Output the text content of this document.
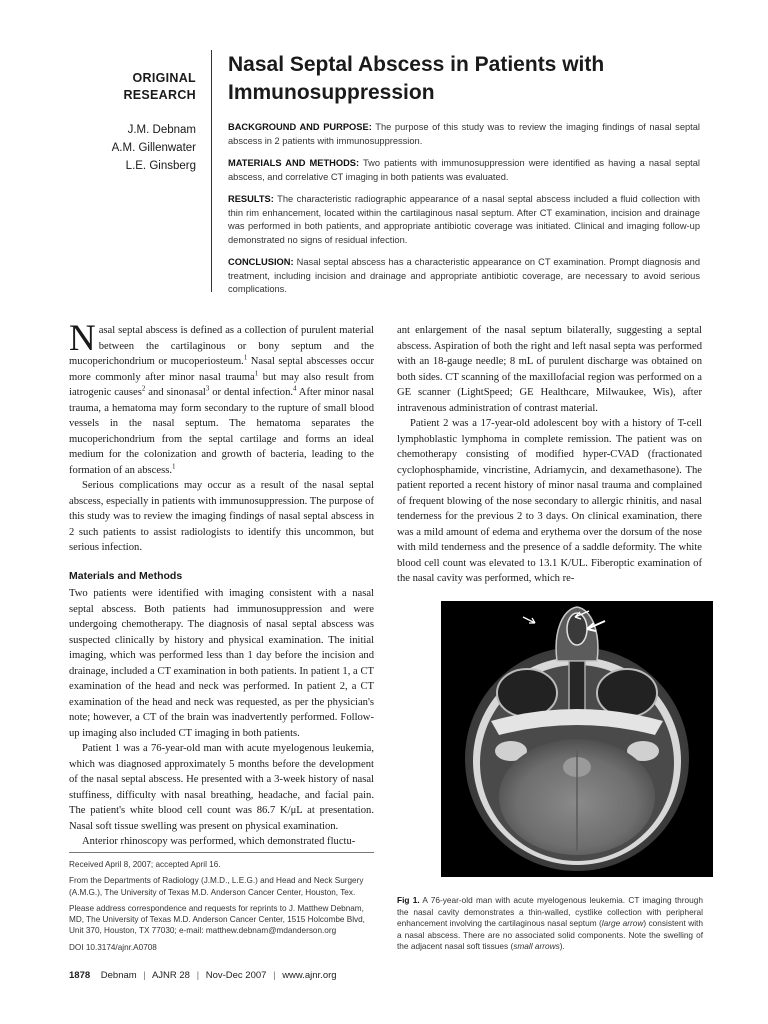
ORIGINAL
RESEARCH
J.M. Debnam
A.M. Gillenwater
L.E. Ginsberg
Nasal Septal Abscess in Patients with Immunosuppression

BACKGROUND AND PURPOSE: The purpose of this study was to review the imaging findings of nasal septal abscess in 2 patients with immunosuppression.

MATERIALS AND METHODS: Two patients with immunosuppression were identified as having a nasal septal abscess, and correlative CT imaging in both patients was evaluated.

RESULTS: The characteristic radiographic appearance of a nasal septal abscess included a fluid collection with thin rim enhancement, located within the cartilaginous nasal septum. After CT examination, incision and drainage was performed in both patients, and appropriate antibiotic coverage was initiated. Clinical and imaging follow-up demonstrated no signs of residual infection.

CONCLUSION: Nasal septal abscess has a characteristic appearance on CT examination. Prompt diagnosis and treatment, including incision and drainage and appropriate antibiotic coverage, are necessary to avoid serious complications.

Nasal septal abscess is defined as a collection of purulent material between the cartilaginous or bony septum and the mucoperichondrium or mucoperiosteum.$^1$ Nasal septal abscesses occur more commonly after minor nasal trauma$^1$ but may also result from iatrogenic causes$^2$ and sinonasal$^3$ or dental infection.$^4$ After minor nasal trauma, a hematoma may form secondary to the rupture of small blood vessels in the nasal septum. The hematoma separates the mucoperichondrium from the septal cartilage and forms an ideal medium for the colonization and growth of bacteria, leading to the formation of an abscess.$^1$

Serious complications may occur as a result of the nasal septal abscess, especially in patients with immunosuppression. The purpose of this study was to review the imaging findings of nasal septal abscess in 2 such patients to assist radiologists to identify this uncommon, but serious infection.

Materials and Methods

Two patients were identified with imaging consistent with a nasal septal abscess. Both patients had immunosuppression and were undergoing chemotherapy. The diagnosis of nasal septal abscess was suspected clinically by history and physical examination. The initial imaging, which was performed less than 1 day before the incision and drainage, included a CT examination in both patients. In patient 1, a CT examination of the head and neck was performed. In patient 2, a CT examination of the head and neck was requested, as per the physician's note; however, a CT of the brain was inadvertently performed. Follow-up imaging also included CT imaging in both patients.

Patient 1 was a 76-year-old man with acute myelogenous leukemia, which was diagnosed approximately 5 months before the development of the nasal septal abscess. He presented with a 3-week history of nasal stuffiness, difficulty with nasal breathing, headache, and facial pain. The patient's white blood cell count was 86.7 K/μL at presentation. Nasal soft tissue swelling was present on physical examination.

Anterior rhinoscopy was performed, which demonstrated fluctu-

ant enlargement of the nasal septum bilaterally, suggesting a septal abscess. Aspiration of both the right and left nasal septa was performed with an 18-gauge needle; 8 mL of purulent discharge was obtained on both sides. CT scanning of the maxillofacial region was performed on a GE scanner (LightSpeed; GE Healthcare, Milwaukee, Wis), after intravenous administration of contrast material.

Patient 2 was a 17-year-old adolescent boy with a history of T-cell lymphoblastic lymphoma in complete remission. The patient was on chemotherapy consisting of modified hyper-CVAD (fractionated cyclophosphamide, vincristine, Adriamycin, and dexamethasone). The patient reported a recent history of minor nasal trauma and complained of frequent blowing of the nose secondary to allergic rhinitis, and nasal tenderness for the previous 2 to 3 days. On clinical examination, there was a mild amount of edema and erythema over the dorsum of the nose with mild tenderness and the presence of a saddle deformity. The white blood cell count was elevated to 13.1 K/UL. Fiberoptic examination of the nasal cavity was performed, which re-

Fig 1. A 76-year-old man with acute myelogenous leukemia. CT imaging through the nasal cavity demonstrates a thin-walled, cystlike collection with peripheral enhancement involving the cartilaginous nasal septum (large arrow) consistent with a nasal abscess. There are no associated solid components. Note the swelling of the adjacent nasal soft tissues (small arrows).

Received April 8, 2007; accepted April 16.

From the Departments of Radiology (J.M.D., L.E.G.) and Head and Neck Surgery (A.M.G.), The University of Texas M.D. Anderson Cancer Center, Houston, Tex.

Please address correspondence and requests for reprints to J. Matthew Debnam, MD, The University of Texas M.D. Anderson Cancer Center, 1515 Holcombe Blvd, Unit 370, Houston, TX 77030; e-mail: matthew.debnam@mdanderson.org

DOI 10.3174/ajnr.A0708

1878 Debnam | AJNR 28 | Nov-Dec 2007 | www.ajnr.org
